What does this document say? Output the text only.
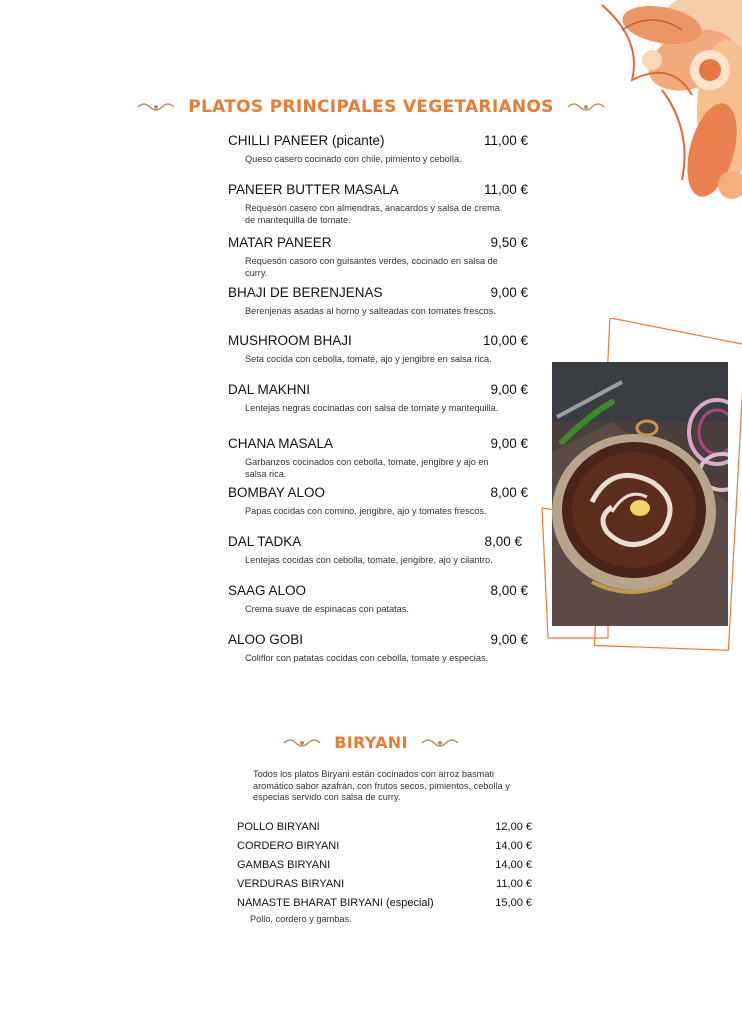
PLATOS PRINCIPALES VEGETARIANOS
CHILLI PANEER (picante)	11,00 €
Queso casero cocinado con chile, pimiento y cebolla.
PANEER BUTTER MASALA	11,00 €
Requesón casero con almendras, anacardos y salsa de crema de mantequilla de tomate.
MATAR PANEER	9,50 €
Requesón casoro con guisantes verdes, cocinado en salsa de curry.
BHAJI DE BERENJENAS	9,00 €
Berenjenas asadas al horno y salteadas con tomates frescos.
MUSHROOM BHAJI	10,00 €
Seta cocida con cebolla, tomate, ajo y jengibre en salsa rica.
DAL MAKHNI	9,00 €
Lentejas negras cocinadas con salsa de tomate y mantequilla.
CHANA MASALA	9,00 €
Garbanzos cocinados con cebolla, tomate, jengibre y ajo en salsa rica.
BOMBAY ALOO	8,00 €
Papas cocidas con comino, jengibre, ajo y tomates frescos.
DAL TADKA	8,00 €
Lentejas cocidas con cebolla, tomate, jengibre, ajo y cilantro.
SAAG ALOO	8,00 €
Crema suave de espinacas con patatas.
ALOO GOBI	9,00 €
Coliflor con patatas cocidas con cebolla, tomate y especias.
BIRYANI
Todos los platos Biryani están cocinados con arroz basmati aromático sabor azafrán, con frutos secos, pimientos, cebolla y especias servido con salsa de curry.
POLLO BIRYANI	12,00 €
CORDERO BIRYANI	14,00 €
GAMBAS BIRYANI	14,00 €
VERDURAS BIRYANI	11,00 €
NAMASTE BHARAT BIRYANI (especial)	15,00 €
Pollo, cordero y gambas.
